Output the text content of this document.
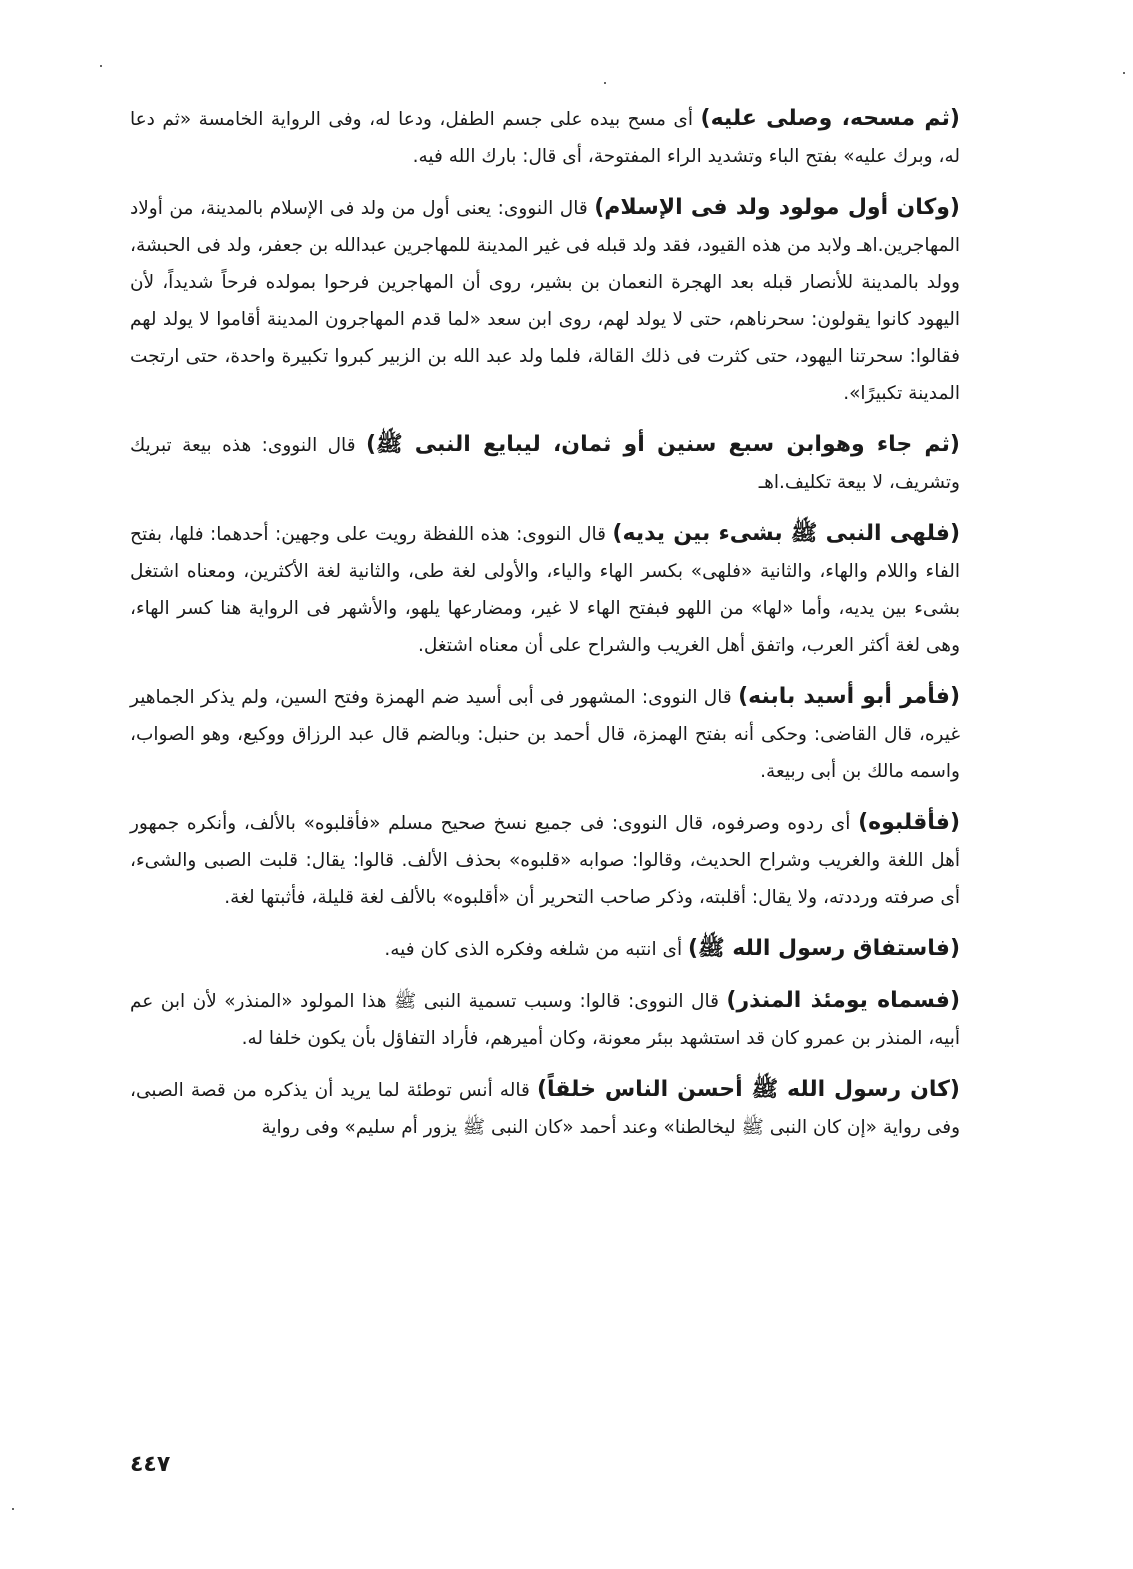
(ثم مسحه، وصلى عليه) أى مسح بيده على جسم الطفل، ودعا له، وفى الرواية الخامسة «ثم دعا له، وبرك عليه» بفتح الباء وتشديد الراء المفتوحة، أى قال: بارك الله فيه.

(وكان أول مولود ولد فى الإسلام) قال النووى: يعنى أول من ولد فى الإسلام بالمدينة، من أولاد المهاجرين.اهـ ولابد من هذه القيود، فقد ولد قبله فى غير المدينة للمهاجرين عبدالله بن جعفر، ولد فى الحبشة، وولد بالمدينة للأنصار قبله بعد الهجرة النعمان بن بشير، روى أن المهاجرين فرحوا بمولده فرحاً شديداً، لأن اليهود كانوا يقولون: سحرناهم، حتى لا يولد لهم، روى ابن سعد «لما قدم المهاجرون المدينة أقاموا لا يولد لهم فقالوا: سحرتنا اليهود، حتى كثرت فى ذلك القالة، فلما ولد عبد الله بن الزبير كبروا تكبيرة واحدة، حتى ارتجت المدينة تكبيرًا».

(ثم جاء وهوابن سبع سنين أو ثمان، ليبايع النبى ﷺ) قال النووى: هذه بيعة تبريك وتشريف، لا بيعة تكليف.اهـ

(فلهى النبى ﷺ بشىء بين يديه) قال النووى: هذه اللفظة رويت على وجهين: أحدهما: فلها، بفتح الفاء واللام والهاء، والثانية «فلهى» بكسر الهاء والياء، والأولى لغة طى، والثانية لغة الأكثرين، ومعناه اشتغل بشىء بين يديه، وأما «لها» من اللهو فبفتح الهاء لا غير، ومضارعها يلهو، والأشهر فى الرواية هنا كسر الهاء، وهى لغة أكثر العرب، واتفق أهل الغريب والشراح على أن معناه اشتغل.

(فأمر أبو أسيد بابنه) قال النووى: المشهور فى أبى أسيد ضم الهمزة وفتح السين، ولم يذكر الجماهير غيره، قال القاضى: وحكى أنه بفتح الهمزة، قال أحمد بن حنبل: وبالضم قال عبد الرزاق ووكيع، وهو الصواب، واسمه مالك بن أبى ربيعة.

(فأقلبوه) أى ردوه وصرفوه، قال النووى: فى جميع نسخ صحيح مسلم «فأقلبوه» بالألف، وأنكره جمهور أهل اللغة والغريب وشراح الحديث، وقالوا: صوابه «قلبوه» بحذف الألف. قالوا: يقال: قلبت الصبى والشىء، أى صرفته ورددته، ولا يقال: أقلبته، وذكر صاحب التحرير أن «أقلبوه» بالألف لغة قليلة، فأثبتها لغة.

(فاستفاق رسول الله ﷺ) أى انتبه من شلغه وفكره الذى كان فيه.

(فسماه يومئذ المنذر) قال النووى: قالوا: وسبب تسمية النبى ﷺ هذا المولود «المنذر» لأن ابن عم أبيه، المنذر بن عمرو كان قد استشهد ببئر معونة، وكان أميرهم، فأراد التفاؤل بأن يكون خلفا له.

(كان رسول الله ﷺ أحسن الناس خلقاً) قاله أنس توطئة لما يريد أن يذكره من قصة الصبى، وفى رواية «إن كان النبى ﷺ ليخالطنا» وعند أحمد «كان النبى ﷺ يزور أم سليم» وفى رواية

٤٤٧
